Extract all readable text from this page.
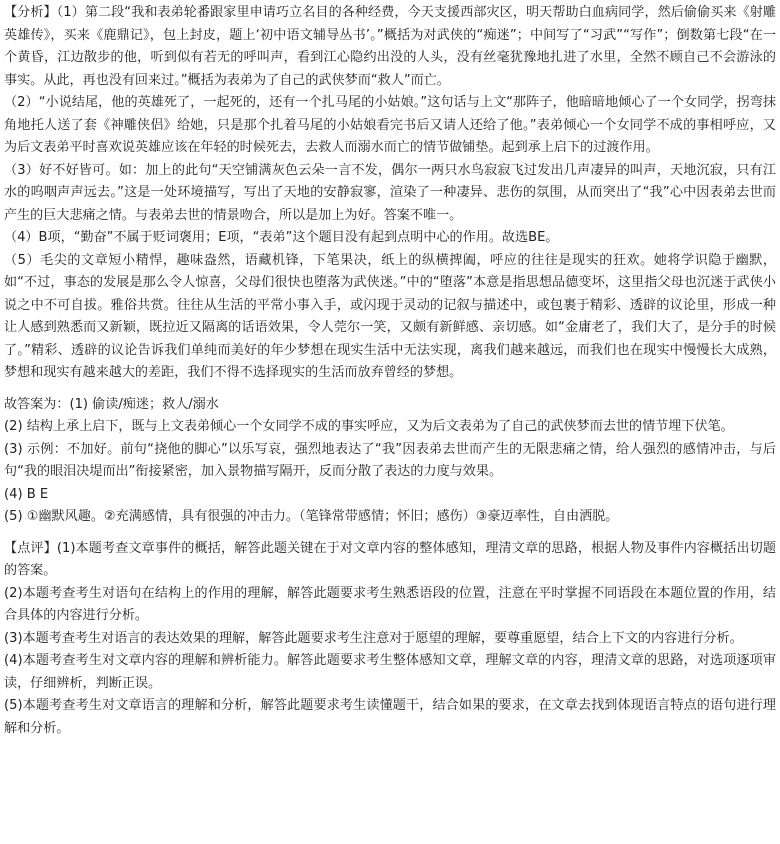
【分析】（1）第二段“我和表弟轮番跟家里申请巧立名目的各种经费，今天支援西部灾区，明天帮助白血病同学，然后偷偷买来《射雕英雄传》，买来《鹿鼎记》，包上封皮，题上‘初中语文辅导丛书’。”概括为对武侠的“痴迷”；中间写了“习武”“写作”；倒数第七段“在一个黄昏，江边散步的他，听到似有若无的呼叫声，看到江心隐约出没的人头，没有丝毫犹豫地扎进了水里，全然不顾自己不会游泳的事实。从此，再也没有回来过。”概括为表弟为了自己的武侠梦而“救人”而亡。

（2）“小说结尾，他的英雄死了，一起死的，还有一个扎马尾的小姑娘。”这句话与上文“那阵子，他暗暗地倾心了一个女同学，拐弯抹角地托人送了套《神雕侠侣》给她，只是那个扎着马尾的小姑娘看完书后又请人还给了他。”表弟倾心一个女同学不成的事相呼应，又为后文表弟平时喜欢说英雄应该在年轻的时候死去，去救人而溺水而亡的情节做铺垫。起到承上启下的过渡作用。

（3）好不好皆可。如：加上的此句“天空铺满灰色云朵一言不发，偶尔一两只水鸟寂寂飞过发出几声凄异的叫声，天地沉寂，只有江水的呜咽声声远去。”这是一处环境描写，写出了天地的安静寂寥，渲染了一种凄异、悲伤的氛围，从而突出了“我”心中因表弟去世而产生的巨大悲痛之情。与表弟去世的情景吻合，所以是加上为好。答案不唯一。

（4）B项，“勤奋”不属于贬词褒用；E项，“表弟”这个题目没有起到点明中心的作用。故选BE。

（5）毛尖的文章短小精悍，趣味盎然，语藏机锋，下笔果决，纸上的纵横捭阖，呼应的往往是现实的狂欢。她将学识隐于幽默，如“不过，事态的发展是那么令人惊喜，父母们很快也堕落为武侠迷。”中的“堕落”本意是指思想品德变坏，这里指父母也沉迷于武侠小说之中不可自拔。雅俗共赏。往往从生活的平常小事入手，或闪现于灵动的记叙与描述中，或包裹于精彩、透辟的议论里，形成一种让人感到熟悉而又新颖，既拉近又隔离的话语效果，令人莞尔一笑，又颇有新鲜感、亲切感。如“金庸老了，我们大了，是分手的时候了。”精彩、透辟的议论告诉我们单纯而美好的年少梦想在现实生活中无法实现，离我们越来越远，而我们也在现实中慢慢长大成熟，梦想和现实有越来越大的差距，我们不得不选择现实的生活而放弃曾经的梦想。

故答案为：(1) 偷读/痴迷；救人/溺水

(2) 结构上承上启下，既与上文表弟倾心一个女同学不成的事实呼应，又为后文表弟为了自己的武侠梦而去世的情节埋下伏笔。

(3) 示例：不加好。前句“挠他的脚心”以乐写哀，强烈地表达了“我”因表弟去世而产生的无限悲痛之情，给人强烈的感情冲击，与后句“我的眼泪决堤而出”衔接紧密，加入景物描写隔开，反而分散了表达的力度与效果。

(4) B E

(5) ①幽默风趣。②充满感情，具有很强的冲击力。（笔锋常带感情；怀旧；感伤）③豪迈率性，自由洒脱。

【点评】(1)本题考查文章事件的概括，解答此题关键在于对文章内容的整体感知，理清文章的思路，根据人物及事件内容概括出切题的答案。

(2)本题考查考生对语句在结构上的作用的理解，解答此题要求考生熟悉语段的位置，注意在平时掌握不同语段在本题位置的作用，结合具体的内容进行分析。

(3)本题考查考生对语言的表达效果的理解，解答此题要求考生注意对于愿望的理解，要尊重愿望，结合上下文的内容进行分析。

(4)本题考查考生对文章内容的理解和辨析能力。解答此题要求考生整体感知文章，理解文章的内容，理清文章的思路，对选项逐项审读，仔细辨析，判断正误。

(5)本题考查考生对文章语言的理解和分析，解答此题要求考生读懂题干，结合如果的要求，在文章去找到体现语言特点的语句进行理解和分析。
